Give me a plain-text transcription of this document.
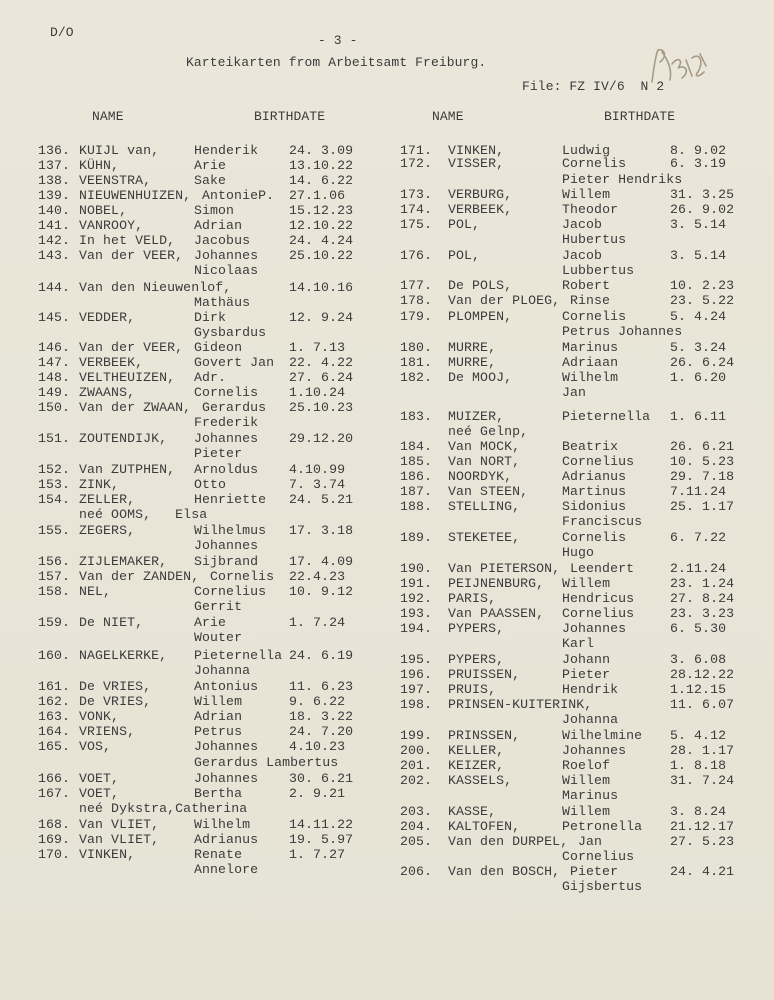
D/O
- 3 -
Karteikarten from Arbeitsamt Freiburg.
File: FZ IV/6  N 2
NAME	BIRTHDATE	NAME	BIRTHDATE
136. KUIJL van,	Henderik 24. 3.09
137. KÜHN,	Arie	13.10.22
138. VEENSTRA,	Sake	14. 6.22
139. NIEUWENHUIZEN, AntonieP. 27.1.06
140. NOBEL,	Simon	15.12.23
141. VANROOY,	Adrian	12.10.22
142. In het VELD, Jacobus	24. 4.24
143. Van der VEER, Johannes 25.10.22
Nicolaas
144. Van den Nieuwenlof,	14.10.16
Mathäus
145. VEDDER,	Dirk	12. 9.24
Gysbardus
146. Van der VEER, Gideon	1. 7.13
147. VERBEEK,	Govert Jan 22. 4.22
148. VELTHEUIZEN, Adr.	27. 6.24
149. ZWAANS,	Cornelis 1.10.24
150. Van der ZWAAN, Gerardus 25.10.23
Frederik
151. ZOUTENDIJK, Johannes 29.12.20
Pieter
152. Van ZUTPHEN, Arnoldus 4.10.99
153. ZINK,	Otto	7. 3.74
154. ZELLER,	Henriette 24. 5.21
neé OOMS,   Elsa
155. ZEGERS,	Wilhelmus 17. 3.18
Johannes
156. ZIJLEMAKER, Sijbrand 17. 4.09
157. Van der ZANDEN, Cornelis 22.4.23
158. NEL,	Cornelius 10. 9.12
Gerrit
159. De NIET,	Arie	1. 7.24
Wouter
160. NAGELKERKE, Pieternella 24. 6.19
Johanna
161. De VRIES,	Antonius 11. 6.23
162. De VRIES,	Willem	9. 6.22
163. VONK,	Adrian	18. 3.22
164. VRIENS,	Petrus	24. 7.20
165. VOS,	Johannes 4.10.23
Gerardus Lambertus
166. VOET,	Johannes 30. 6.21
167. VOET,	Bertha	2. 9.21
neé Dykstra,Catherina
168. Van VLIET,	Wilhelm	14.11.22
169. Van VLIET,	Adrianus 19. 5.97
170. VINKEN,	Renate	1. 7.27
Annelore
171. VINKEN,	Ludwig	8. 9.02
172. VISSER,	Cornelis	6. 3.19
Pieter Hendriks
173. VERBURG,	Willem	31. 3.25
174. VERBEEK,	Theodor	26. 9.02
175. POL,	Jacob	3. 5.14
Hubertus
176. POL,	Jacob	3. 5.14
Lubbertus
177. De POLS,	Robert	10. 2.23
178. Van der PLOEG, Rinse	23. 5.22
179. PLOMPEN,	Cornelis	5. 4.24
Petrus Johannes
180. MURRE,	Marinus	5. 3.24
181. MURRE,	Adriaan	26. 6.24
182. De MOOJ,	Wilhelm	1. 6.20
Jan
183. MUIZER,	Pieternella 1. 6.11
neé Gelnp,
184. Van MOCK,	Beatrix	26. 6.21
185. Van NORT,	Cornelius	10. 5.23
186. NOORDYK,	Adrianus	29. 7.18
187. Van STEEN,	Martinus	7.11.24
188. STELLING,	Sidonius	25. 1.17
Franciscus
189. STEKETEE,	Cornelis	6. 7.22
Hugo
190. Van PIETERSON, Leendert	2.11.24
191. PEIJNENBURG, Willem	23. 1.24
192. PARIS,	Hendricus	27. 8.24
193. Van PAASSEN, Cornelius	23. 3.23
194. PYPERS,	Johannes	6. 5.30
Karl
195. PYPERS,	Johann	3. 6.08
196. PRUISSEN,	Pieter	28.12.22
197. PRUIS,	Hendrik	1.12.15
198. PRINSEN-KUITERINK,	11. 6.07
Johanna
199. PRINSSEN,	Wilhelmine 5. 4.12
200. KELLER,	Johannes	28. 1.17
201. KEIZER,	Roelof	1. 8.18
202. KASSELS,	Willem	31. 7.24
Marinus
203. KASSE,	Willem	3. 8.24
204. KALTOFEN,	Petronella 21.12.17
205. Van den DURPEL, Jan	27. 5.23
Cornelius
206. Van den BOSCH, Pieter	24. 4.21
Gijsbertus
